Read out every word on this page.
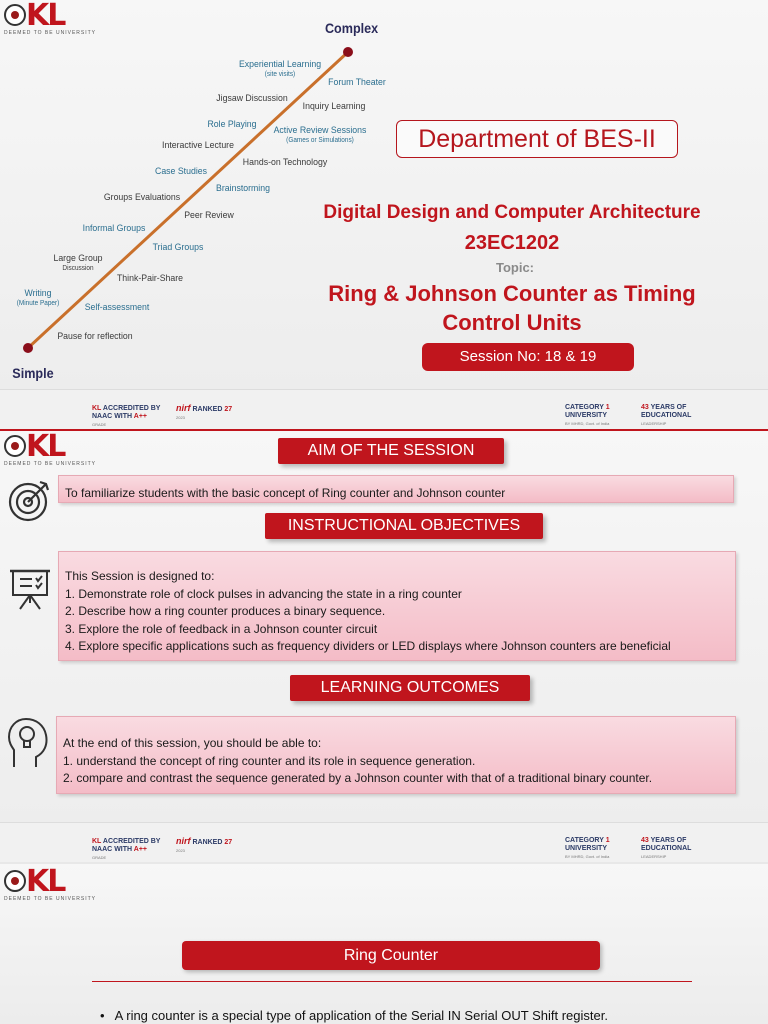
KL
DEEMED TO BE UNIVERSITY	Complex
Simple
Experiential Learning
(site visits)
Forum Theater
Jigsaw Discussion
Inquiry Learning
Role Playing
Active Review Sessions
(Games or Simulations)
Interactive Lecture
Hands-on Technology
Case Studies
Brainstorming
Groups Evaluations
Peer Review
Informal Groups
Triad Groups
Large Group
Discussion
Think-Pair-Share
Writing
(Minute Paper)	Self-assessment
Pause for reflection
Department of BES-II
Digital Design and Computer Architecture
23EC1202
Topic:
Ring & Johnson Counter as Timing
Control Units
Session No: 18 & 19
KL ACCREDITED BY
NAAC WITH A++
GRADE
nirf RANKED 27
2023
CATEGORY 1
UNIVERSITY
BY MHRD, Govt. of India
43 YEARS OF
EDUCATIONAL
LEADERSHIP
KL
DEEMED TO BE UNIVERSITY
AIM OF THE SESSION

To familiarize students with the basic concept of Ring counter and Johnson counter

INSTRUCTIONAL OBJECTIVES

This Session is designed to:

1. Demonstrate role of clock pulses in advancing the state in a ring counter

2. Describe how a ring counter produces a binary sequence.

3. Explore the role of feedback in a Johnson counter circuit

4. Explore specific applications such as frequency dividers or LED displays where Johnson counters are beneficial

LEARNING OUTCOMES

At the end of this session, you should be able to:

1. understand the concept of ring counter and its role in sequence generation.

2. compare and contrast the sequence generated by a Johnson counter with that of a traditional binary counter.

KL ACCREDITED BY
NAAC WITH A++
GRADE
nirf RANKED 27
2023
CATEGORY 1
UNIVERSITY
BY MHRD, Govt. of India
43 YEARS OF
EDUCATIONAL
LEADERSHIP
KL
DEEMED TO BE UNIVERSITY
Ring Counter
•   A ring counter is a special type of application of the Serial IN Serial OUT Shift register.
